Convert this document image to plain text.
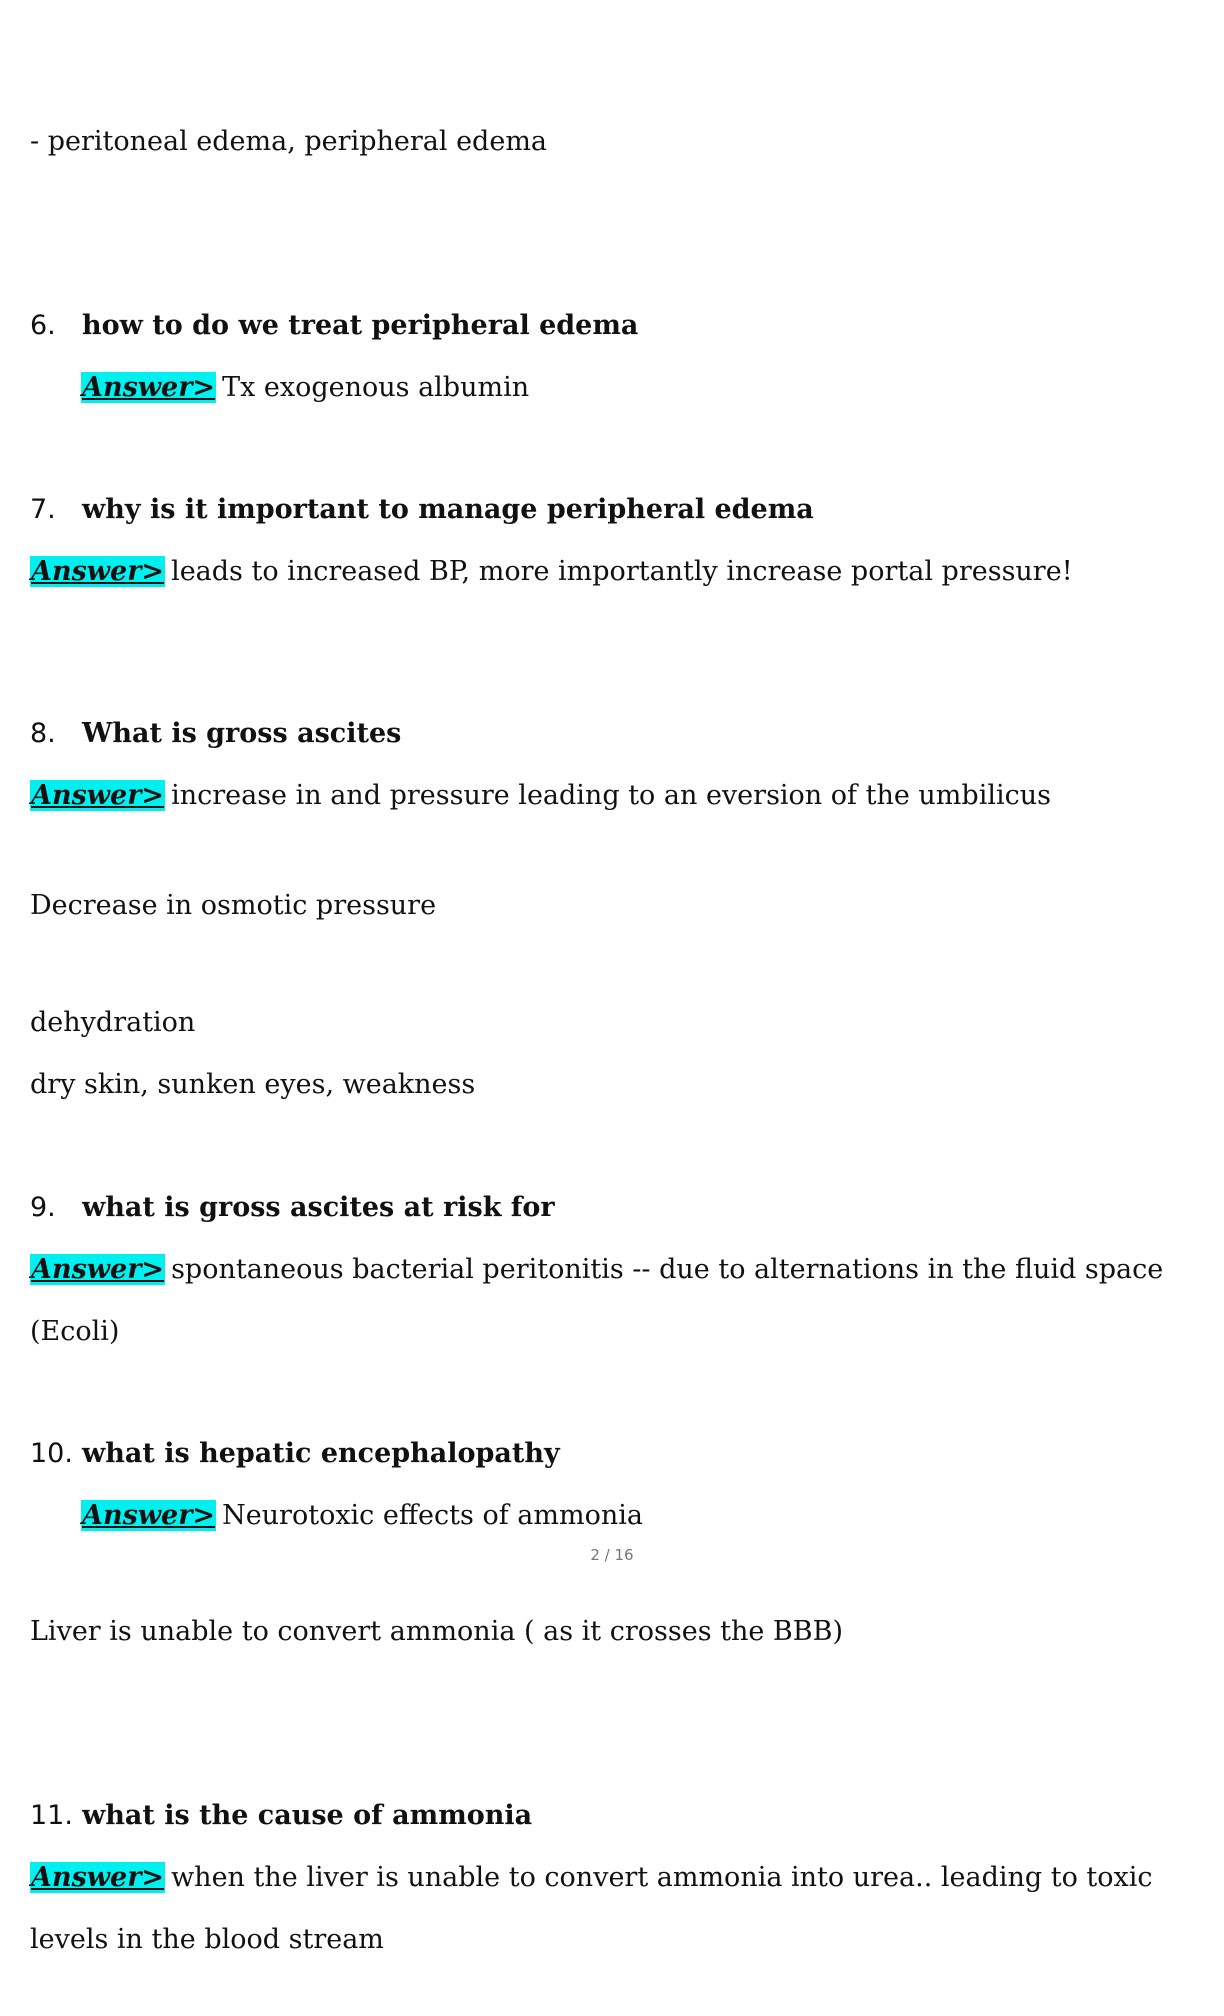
- peritoneal edema, peripheral edema
6. how to do we treat peripheral edema
Answer> Tx exogenous albumin
7. why is it important to manage peripheral edema
Answer> leads to increased BP, more importantly increase portal pressure!
8. What is gross ascites
Answer> increase in and pressure leading to an eversion of the umbilicus
Decrease in osmotic pressure
dehydration
dry skin, sunken eyes, weakness
9. what is gross ascites at risk for
Answer> spontaneous bacterial peritonitis -- due to alternations in the fluid space
(Ecoli)
10. what is hepatic encephalopathy
Answer> Neurotoxic effects of ammonia
2 / 16
Liver is unable to convert ammonia ( as it crosses the BBB)
11. what is the cause of ammonia
Answer> when the liver is unable to convert ammonia into urea.. leading to toxic
levels in the blood stream
